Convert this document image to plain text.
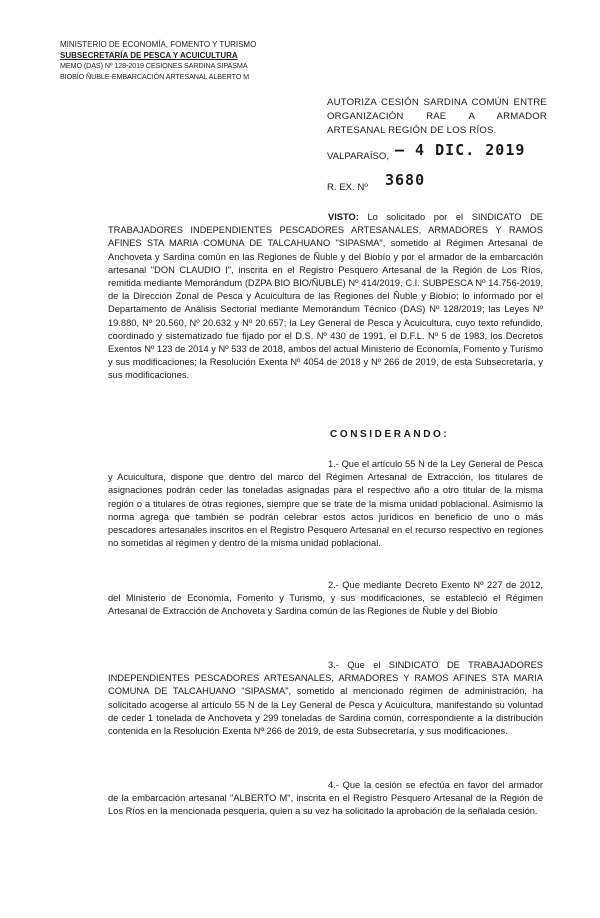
MINISTERIO DE ECONOMÍA, FOMENTO Y TURISMO
SUBSECRETARÍA DE PESCA Y ACUICULTURA
MEMO (DAS) Nº 128-2019 CESIONES SARDINA SIPASMA
BIOBÍO ÑUBLE-EMBARCACIÓN ARTESANAL ALBERTO M
AUTORIZA CESIÓN SARDINA COMÚN ENTRE ORGANIZACIÓN RAE A ARMADOR ARTESANAL REGIÓN DE LOS RÍOS.
VALPARAÍSO, – 4 DIC. 2019
R. EX. Nº 3680
VISTO: Lo solicitado por el SINDICATO DE TRABAJADORES INDEPENDIENTES PESCADORES ARTESANALES, ARMADORES Y RAMOS AFINES STA MARIA COMUNA DE TALCAHUANO "SIPASMA", sometido al Régimen Artesanal de Anchoveta y Sardina común en las Regiones de Ñuble y del Biobío y por el armador de la embarcación artesanal "DON CLAUDIO I", inscrita en el Registro Pesquero Artesanal de la Región de Los Ríos, remitida mediante Memorándum (DZPA BIO BIO/ÑUBLE) Nº 414/2019, C.I. SUBPESCA Nº 14.756-2019, de la Dirección Zonal de Pesca y Acuicultura de las Regiones del Ñuble y Biobío; lo informado por el Departamento de Análisis Sectorial mediante Memorándum Técnico (DAS) Nº 128/2019; las Leyes Nº 19.880, Nº 20.560, Nº 20.632 y Nº 20.657; la Ley General de Pesca y Acuicultura, cuyo texto refundido, coordinado y sistematizado fue fijado por el D.S. Nº 430 de 1991, el D.F.L. Nº 5 de 1983, los Decretos Exentos Nº 123 de 2014 y Nº 533 de 2018, ambos del actual Ministerio de Economía, Fomento y Turismo y sus modificaciones; la Resolución Exenta Nº 4054 de 2018 y Nº 266 de 2019, de esta Subsecretaría, y sus modificaciones.
CONSIDERANDO:
1.- Que el artículo 55 N de la Ley General de Pesca y Acuicultura, dispone que dentro del marco del Régimen Artesanal de Extracción, los titulares de asignaciones podrán ceder las toneladas asignadas para el respectivo año a otro titular de la misma región o a titulares de otras regiones, siempre que se trate de la misma unidad poblacional. Asimismo la norma agrega que también se podrán celebrar estos actos jurídicos en beneficio de uno o más pescadores artesanales inscritos en el Registro Pesquero Artesanal en el recurso respectivo en regiones no sometidas al régimen y dentro de la misma unidad poblacional.
2.- Que mediante Decreto Exento Nº 227 de 2012, del Ministerio de Economía, Fomento y Turismo, y sus modificaciones, se estableció el Régimen Artesanal de Extracción de Anchoveta y Sardina común de las Regiones de Ñuble y del Biobío
3.- Que el SINDICATO DE TRABAJADORES INDEPENDIENTES PESCADORES ARTESANALES, ARMADORES Y RAMOS AFINES STA MARIA COMUNA DE TALCAHUANO "SIPASMA", sometido al mencionado régimen de administración, ha solicitado acogerse al artículo 55 N de la Ley General de Pesca y Acuicultura, manifestando su voluntad de ceder 1 tonelada de Anchoveta y 299 toneladas de Sardina común, correspondiente a la distribución contenida en la Resolución Exenta Nº 266 de 2019, de esta Subsecretaría, y sus modificaciones.
4.- Que la cesión se efectúa en favor del armador de la embarcación artesanal "ALBERTO M", inscrita en el Registro Pesquero Artesanal de la Región de Los Ríos en la mencionada pesquería, quien a su vez ha solicitado la aprobación de la señalada cesión.
